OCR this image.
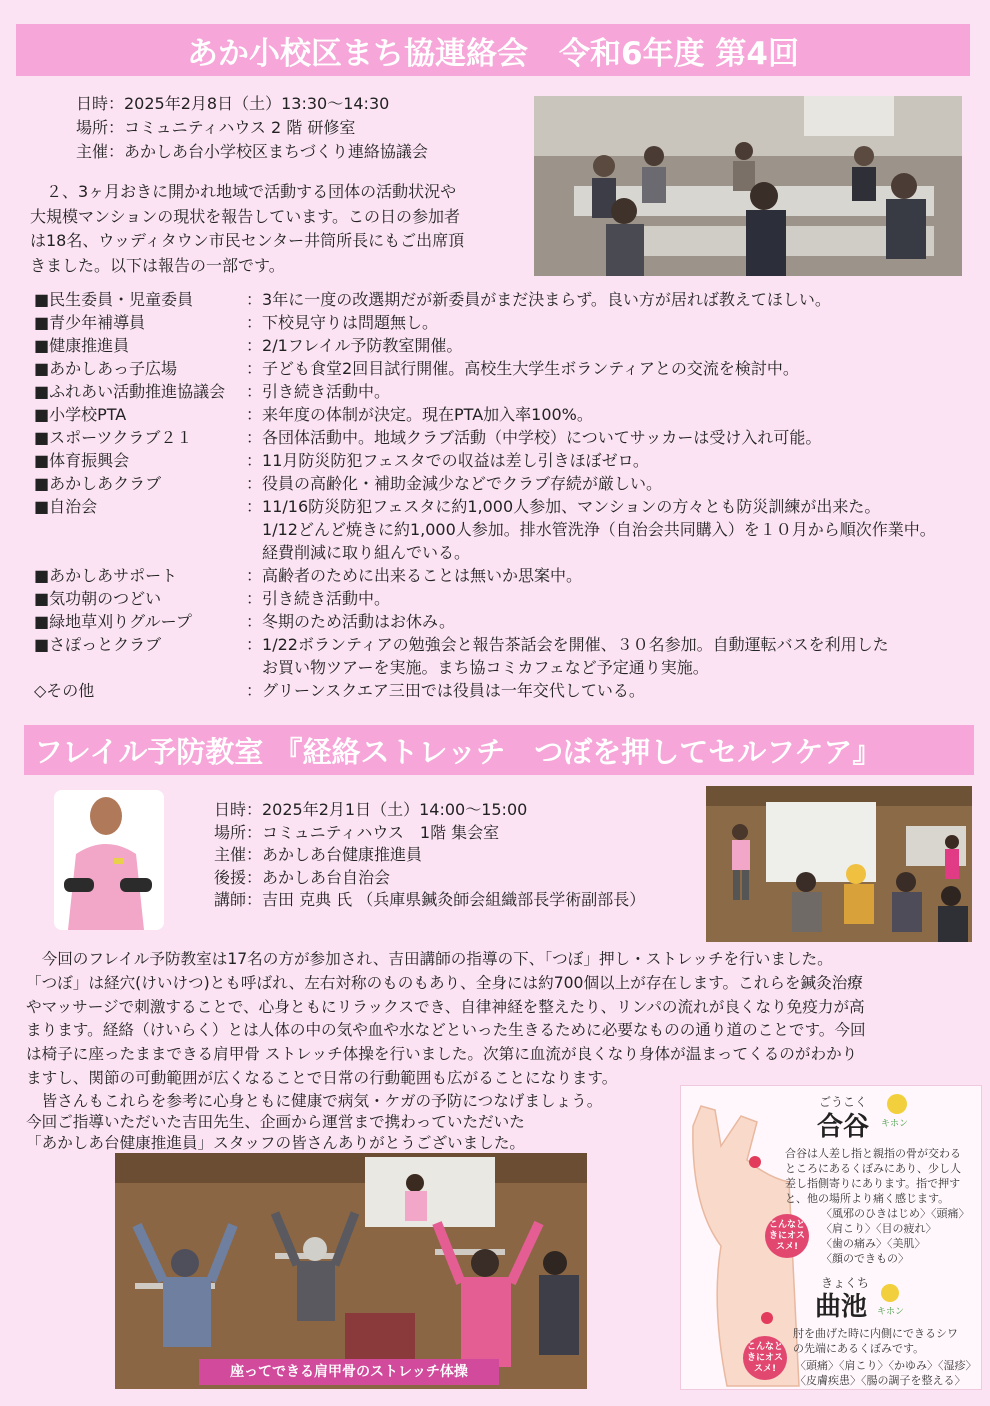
あか小校区まち協連絡会　令和6年度 第4回
日時：2025年2月8日（土）13:30～14:30
場所：コミュニティハウス 2 階 研修室
主催：あかしあ台小学校区まちづくり連絡協議会
　２、3ヶ月おきに開かれ地域で活動する団体の活動状況や
大規模マンションの現状を報告しています。この日の参加者
は18名、ウッディタウン市民センター井筒所長にもご出席頂
きました。以下は報告の一部です。
■民生委員・児童委員	：	3年に一度の改選期だが新委員がまだ決まらず。良い方が居れば教えてほしい。

■青少年補導員	：	下校見守りは問題無し。

■健康推進員	：	2/1フレイル予防教室開催。

■あかしあっ子広場	：	子ども食堂2回目試行開催。高校生大学生ボランティアとの交流を検討中。

■ふれあい活動推進協議会	：	引き続き活動中。

■小学校PTA	：	来年度の体制が決定。現在PTA加入率100%。

■スポーツクラブ２１	：	各団体活動中。地域クラブ活動（中学校）についてサッカーは受け入れ可能。

■体育振興会	：	11月防災防犯フェスタでの収益は差し引きほぼゼロ。

■あかしあクラブ	：	役員の高齢化・補助金減少などでクラブ存続が厳しい。

■自治会	：	11/16防災防犯フェスタに約1,000人参加、マンションの方々とも防災訓練が出来た。
1/12どんど焼きに約1,000人参加。排水管洗浄（自治会共同購入）を１０月から順次作業中。
経費削減に取り組んでいる。

■あかしあサポート	：	高齢者のために出来ることは無いか思案中。

■気功朝のつどい	：	引き続き活動中。

■緑地草刈りグループ	：	冬期のため活動はお休み。

■さぽっとクラブ	：	1/22ボランティアの勉強会と報告茶話会を開催、３０名参加。自動運転バスを利用した
お買い物ツアーを実施。まち協コミカフェなど予定通り実施。

◇その他	：	グリーンスクエア三田では役員は一年交代している。
フレイル予防教室 『経絡ストレッチ　つぼを押してセルフケア』
日時：2025年2月1日（土）14:00～15:00
場所：コミュニティハウス　1階 集会室
主催：あかしあ台健康推進員
後援：あかしあ台自治会
講師：吉田 克典 氏 （兵庫県鍼灸師会組織部長学術副部長）
　今回のフレイル予防教室は17名の方が参加され、吉田講師の指導の下、「つぼ」押し・ストレッチを行いました。
「つぼ」は経穴(けいけつ)とも呼ばれ、左右対称のものもあり、全身には約700個以上が存在します。これらを鍼灸治療
やマッサージで刺激することで、心身ともにリラックスでき、自律神経を整えたり、リンパの流れが良くなり免疫力が高
まります。経絡（けいらく）とは人体の中の気や血や水などといった生きるために必要なものの通り道のことです。今回
は椅子に座ったままできる肩甲骨 ストレッチ体操を行いました。次第に血流が良くなり身体が温まってくるのがわかり
ますし、関節の可動範囲が広くなることで日常の行動範囲も広がることになります。
　皆さんもこれらを参考に心身ともに健康で病気・ケガの予防につなげましょう。
今回ご指導いただいた吉田先生、企画から運営まで携わっていただいた
「あかしあ台健康推進員」スタッフの皆さんありがとうございました。
座ってできる肩甲骨のストレッチ体操
ごうこく
合谷 キホン
合谷は人差し指と親指の骨が交わる
ところにあるくぼみにあり、少し人
差し指側寄りにあります。指で押す
と、他の場所より痛く感じます。
こんなときにオススメ!
〈風邪のひきはじめ〉〈頭痛〉
〈肩こり〉〈目の疲れ〉
〈歯の痛み〉〈美肌〉
〈顔のできもの〉
きょくち
曲池 キホン
肘を曲げた時に内側にできるシワ
の先端にあるくぼみです。
こんなときにオススメ!	〈頭痛〉〈肩こり〉〈かゆみ〉〈湿疹〉
〈皮膚疾患〉〈腸の調子を整える〉
